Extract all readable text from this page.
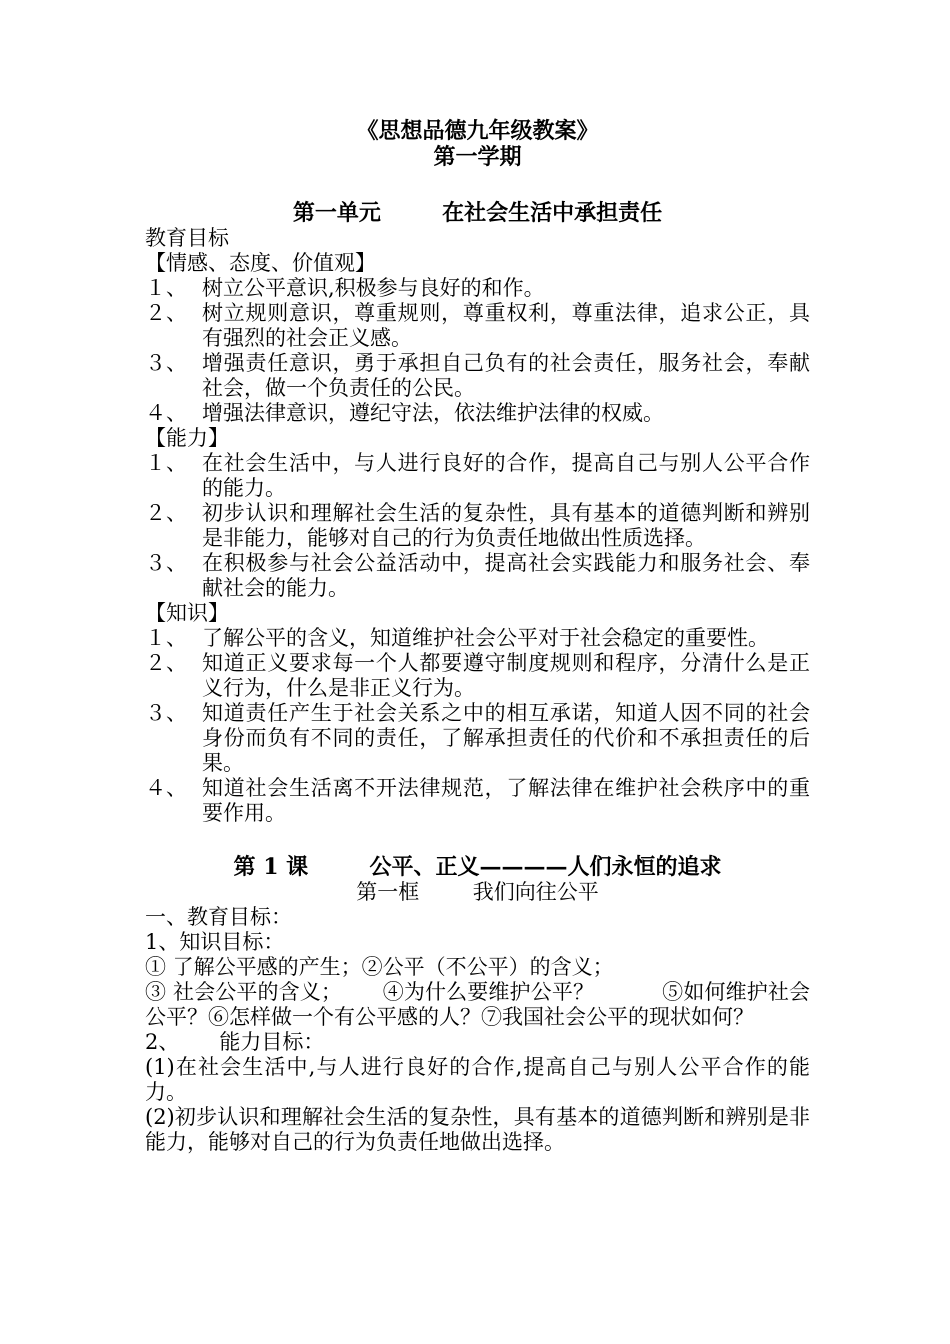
《思想品德九年级教案》
第一学期
第一单元        在社会生活中承担责任
教育目标
【情感、态度、价值观】
１、 树立公平意识,积极参与良好的和作。
２、 树立规则意识，尊重规则，尊重权利，尊重法律，追求公正，具有强烈的社会正义感。
３、 增强责任意识，勇于承担自己负有的社会责任，服务社会，奉献社会，做一个负责任的公民。
４、 增强法律意识，遵纪守法，依法维护法律的权威。
【能力】
１、 在社会生活中，与人进行良好的合作，提高自己与别人公平合作的能力。
２、 初步认识和理解社会生活的复杂性，具有基本的道德判断和辨别是非能力，能够对自己的行为负责任地做出性质选择。
３、 在积极参与社会公益活动中，提高社会实践能力和服务社会、奉献社会的能力。
【知识】
１、 了解公平的含义，知道维护社会公平对于社会稳定的重要性。
２、 知道正义要求每一个人都要遵守制度规则和程序，分清什么是正义行为，什么是非正义行为。
３、 知道责任产生于社会关系之中的相互承诺，知道人因不同的社会身份而负有不同的责任，了解承担责任的代价和不承担责任的后果。
４、 知道社会生活离不开法律规范，了解法律在维护社会秩序中的重要作用。
第 1 课        公平、正义————人们永恒的追求
第一框        我们向往公平
一、教育目标：
1、知识目标：
① 了解公平感的产生；②公平（不公平）的含义；
③ 社会公平的含义；      ④为什么要维护公平？          ⑤如何维护社会公平？⑥怎样做一个有公平感的人？⑦我国社会公平的现状如何？
2、      能力目标：
(1)在社会生活中,与人进行良好的合作,提高自己与别人公平合作的能力。
(2)初步认识和理解社会生活的复杂性，具有基本的道德判断和辨别是非能力，能够对自己的行为负责任地做出选择。
